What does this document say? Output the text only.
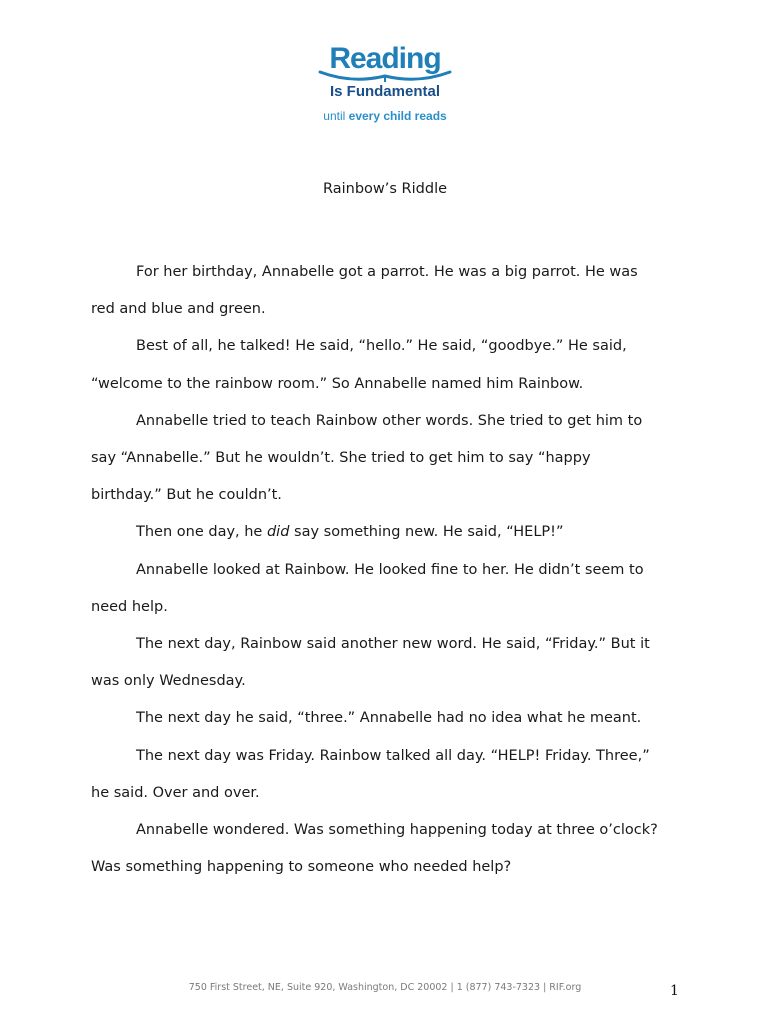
Reading
Is Fundamental
until every child reads
Rainbow’s Riddle

For her birthday, Annabelle got a parrot. He was a big parrot. He was

red and blue and green.

Best of all, he talked! He said, “hello.” He said, “goodbye.” He said,

“welcome to the rainbow room.” So Annabelle named him Rainbow.

Annabelle tried to teach Rainbow other words. She tried to get him to

say “Annabelle.” But he wouldn’t. She tried to get him to say “happy

birthday.” But he couldn’t.

Then one day, he did say something new. He said, “HELP!”

Annabelle looked at Rainbow. He looked fine to her. He didn’t seem to

need help.

The next day, Rainbow said another new word. He said, “Friday.” But it

was only Wednesday.

The next day he said, “three.” Annabelle had no idea what he meant.

The next day was Friday. Rainbow talked all day. “HELP! Friday. Three,”

he said. Over and over.

Annabelle wondered. Was something happening today at three o’clock?

Was something happening to someone who needed help?

750 First Street, NE, Suite 920, Washington, DC 20002 | 1 (877) 743-7323 | RIF.org	1
